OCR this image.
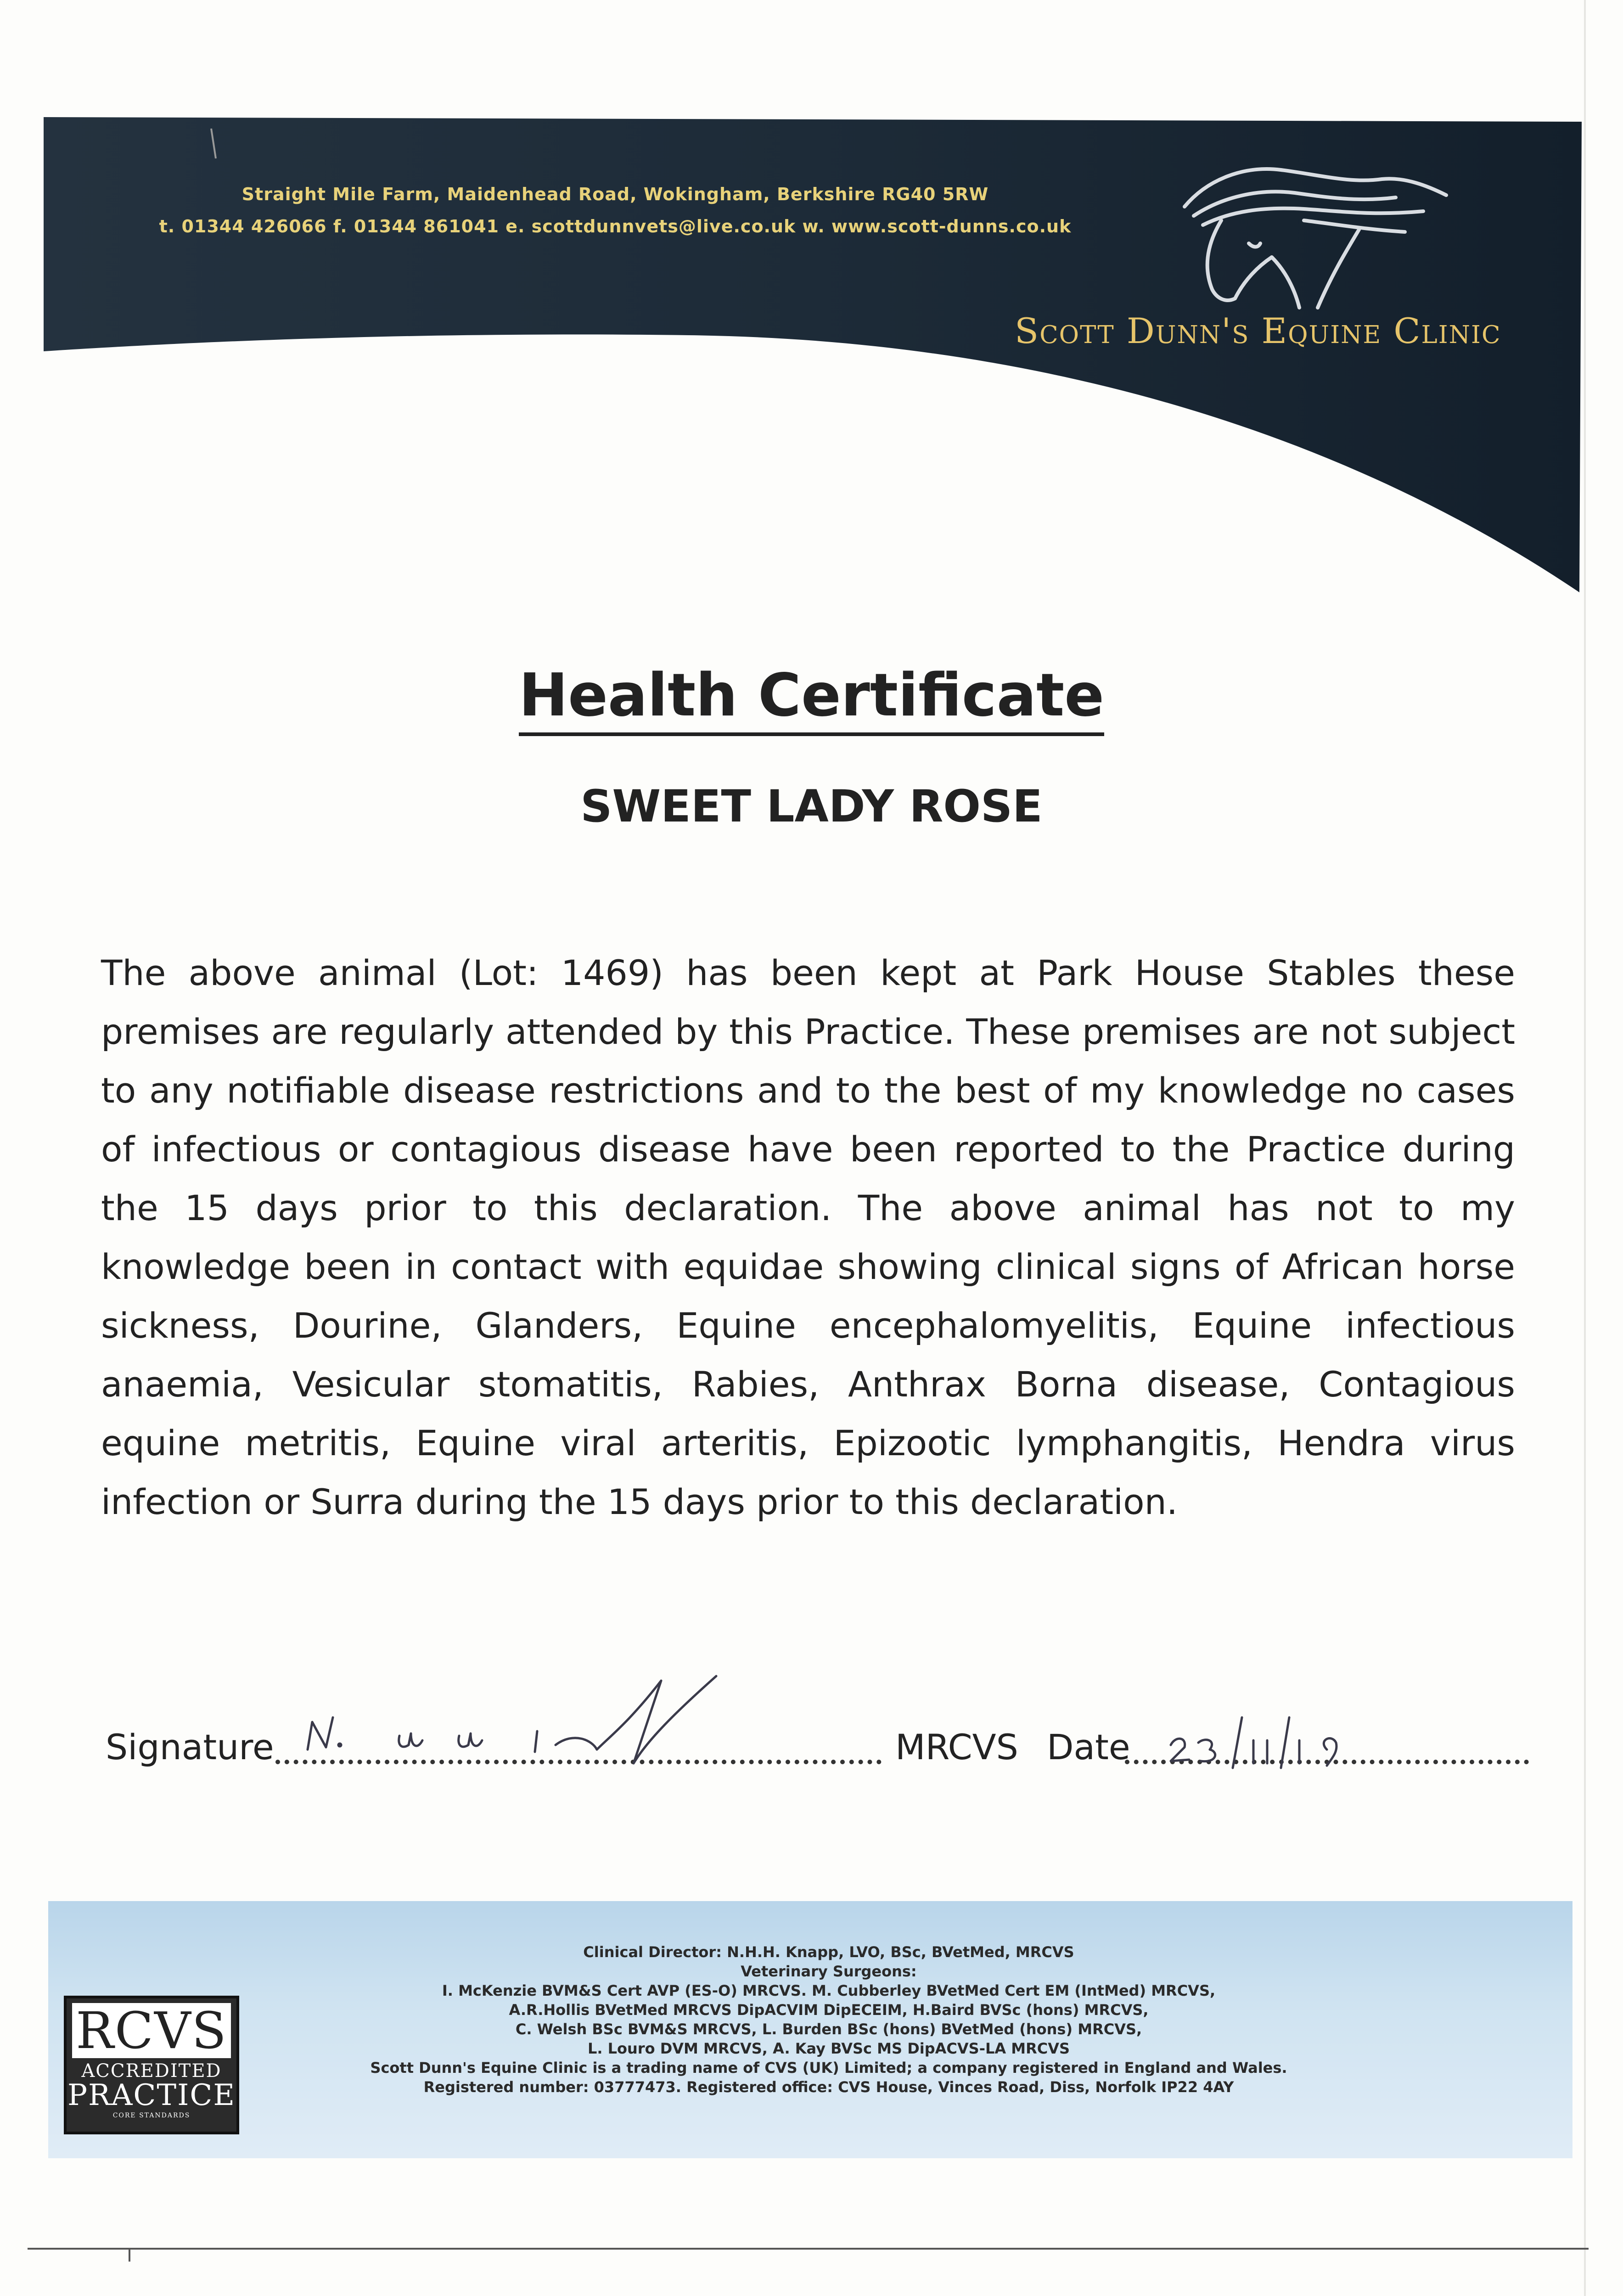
Straight Mile Farm, Maidenhead Road, Wokingham, Berkshire RG40 5RW
t. 01344 426066 f. 01344 861041 e. scottdunnvets@live.co.uk w. www.scott-dunns.co.uk
Scott Dunn's Equine Clinic
Health Certificate
SWEET LADY ROSE
The above animal (Lot: 1469) has been kept at Park House Stables these premises are regularly attended by this Practice. These premises are not subject to any notifiable disease restrictions and to the best of my knowledge no cases of infectious or contagious disease have been reported to the Practice during the 15 days prior to this declaration. The above animal has not to my knowledge been in contact with equidae showing clinical signs of African horse sickness, Dourine, Glanders, Equine encephalomyelitis, Equine infectious anaemia, Vesicular stomatitis, Rabies, Anthrax Borna disease, Contagious equine metritis, Equine viral arteritis, Epizootic lymphangitis, Hendra virus infection or Surra during the 15 days prior to this declaration.
Signature	MRCVS Date
RCVS
ACCREDITED
PRACTICE
CORE STANDARDS
Clinical Director: N.H.H. Knapp, LVO, BSc, BVetMed, MRCVS
Veterinary Surgeons:
I. McKenzie BVM&S Cert AVP (ES-O) MRCVS. M. Cubberley BVetMed Cert EM (IntMed) MRCVS,
A.R.Hollis BVetMed MRCVS DipACVIM DipECEIM, H.Baird BVSc (hons) MRCVS,
C. Welsh BSc BVM&S MRCVS, L. Burden BSc (hons) BVetMed (hons) MRCVS,
L. Louro DVM MRCVS, A. Kay BVSc MS DipACVS-LA MRCVS
Scott Dunn's Equine Clinic is a trading name of CVS (UK) Limited; a company registered in England and Wales.
Registered number: 03777473. Registered office: CVS House, Vinces Road, Diss, Norfolk IP22 4AY
